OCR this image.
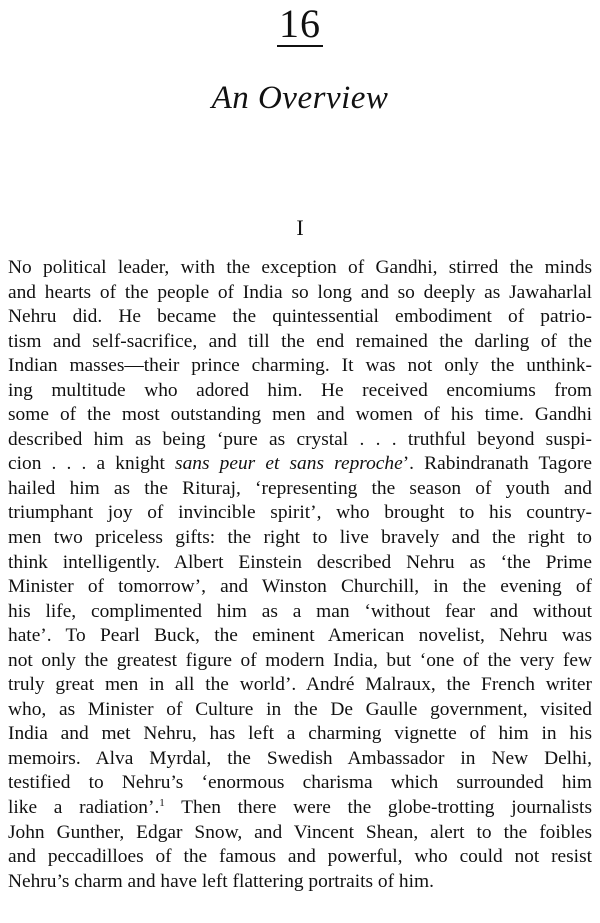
16
An Overview
I
No political leader, with the exception of Gandhi, stirred the minds
and hearts of the people of India so long and so deeply as Jawaharlal
Nehru did. He became the quintessential embodiment of patrio-
tism and self-sacrifice, and till the end remained the darling of the
Indian masses—their prince charming. It was not only the unthink-
ing multitude who adored him. He received encomiums from
some of the most outstanding men and women of his time. Gandhi
described him as being ‘pure as crystal . . . truthful beyond suspi-
cion . . . a knight sans peur et sans reproche’. Rabindranath Tagore
hailed him as the Rituraj, ‘representing the season of youth and
triumphant joy of invincible spirit’, who brought to his country-
men two priceless gifts: the right to live bravely and the right to
think intelligently. Albert Einstein described Nehru as ‘the Prime
Minister of tomorrow’, and Winston Churchill, in the evening of
his life, complimented him as a man ‘without fear and without
hate’. To Pearl Buck, the eminent American novelist, Nehru was
not only the greatest figure of modern India, but ‘one of the very few
truly great men in all the world’. André Malraux, the French writer
who, as Minister of Culture in the De Gaulle government, visited
India and met Nehru, has left a charming vignette of him in his
memoirs. Alva Myrdal, the Swedish Ambassador in New Delhi,
testified to Nehru’s ‘enormous charisma which surrounded him
like a radiation’.$^1$ Then there were the globe-trotting journalists
John Gunther, Edgar Snow, and Vincent Shean, alert to the foibles
and peccadilloes of the famous and powerful, who could not resist
Nehru’s charm and have left flattering portraits of him.
